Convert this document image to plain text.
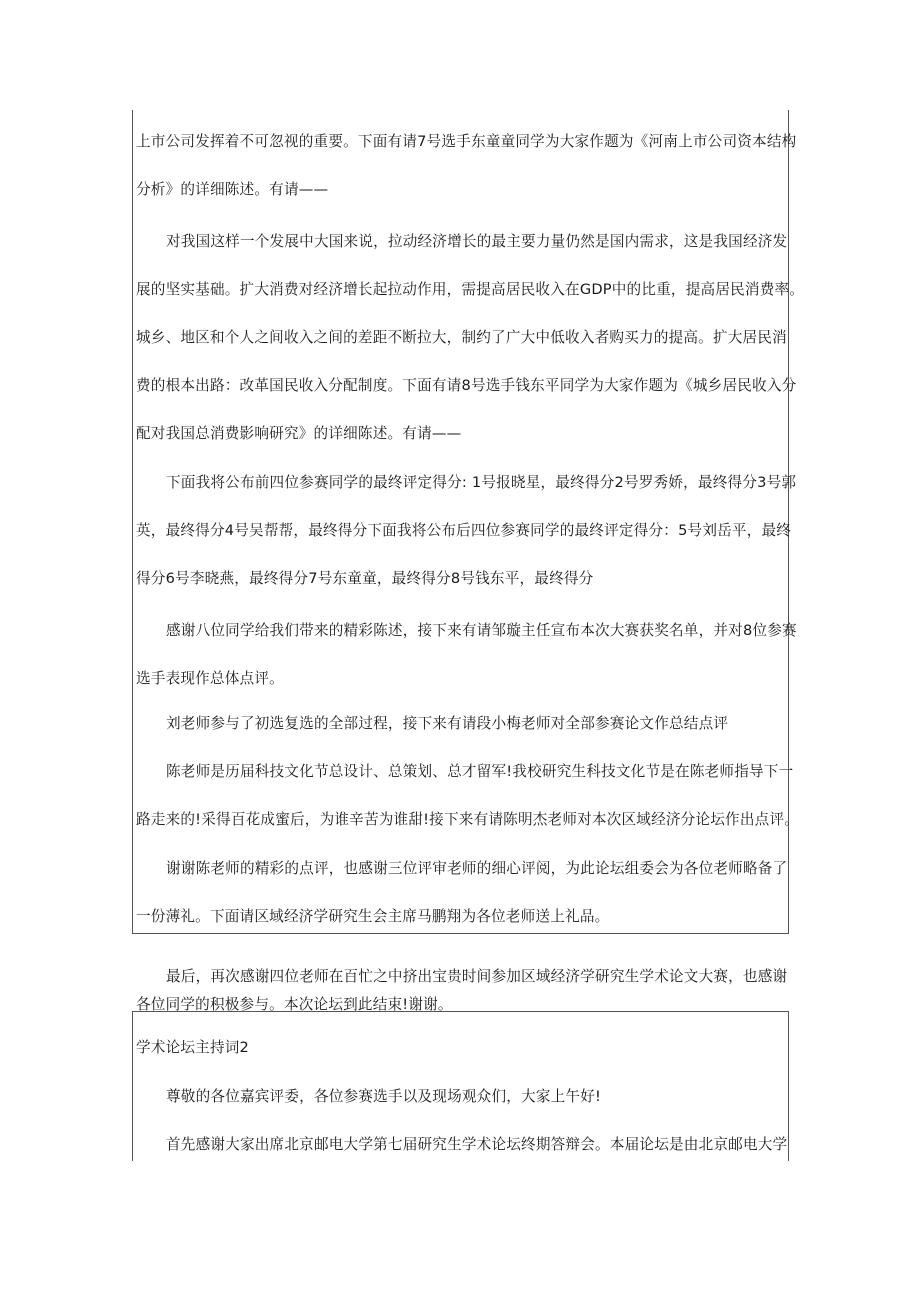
上市公司发挥着不可忽视的重要。下面有请7号选手东童童同学为大家作题为《河南上市公司资本结构
分析》的详细陈述。有请——
对我国这样一个发展中大国来说，拉动经济增长的最主要力量仍然是国内需求，这是我国经济发
展的坚实基础。扩大消费对经济增长起拉动作用，需提高居民收入在GDP中的比重，提高居民消费率。
城乡、地区和个人之间收入之间的差距不断拉大，制约了广大中低收入者购买力的提高。扩大居民消
费的根本出路：改革国民收入分配制度。下面有请8号选手钱东平同学为大家作题为《城乡居民收入分
配对我国总消费影响研究》的详细陈述。有请——
下面我将公布前四位参赛同学的最终评定得分: 1号报晓星，最终得分2号罗秀娇，最终得分3号郭
英，最终得分4号吴帮帮，最终得分下面我将公布后四位参赛同学的最终评定得分：5号刘岳平，最终
得分6号李晓燕，最终得分7号东童童，最终得分8号钱东平，最终得分
感谢八位同学给我们带来的精彩陈述，接下来有请邹璇主任宣布本次大赛获奖名单，并对8位参赛
选手表现作总体点评。
刘老师参与了初选复选的全部过程，接下来有请段小梅老师对全部参赛论文作总结点评
陈老师是历届科技文化节总设计、总策划、总才留军!我校研究生科技文化节是在陈老师指导下一
路走来的!采得百花成蜜后，为谁辛苦为谁甜!接下来有请陈明杰老师对本次区域经济分论坛作出点评。
谢谢陈老师的精彩的点评，也感谢三位评审老师的细心评阅，为此论坛组委会为各位老师略备了
一份薄礼。下面请区域经济学研究生会主席马鹏翔为各位老师送上礼品。
最后，再次感谢四位老师在百忙之中挤出宝贵时间参加区域经济学研究生学术论文大赛，也感谢
各位同学的积极参与。本次论坛到此结束!谢谢。
学术论坛主持词2
尊敬的各位嘉宾评委，各位参赛选手以及现场观众们，大家上午好!
首先感谢大家出席北京邮电大学第七届研究生学术论坛终期答辩会。本届论坛是由北京邮电大学
